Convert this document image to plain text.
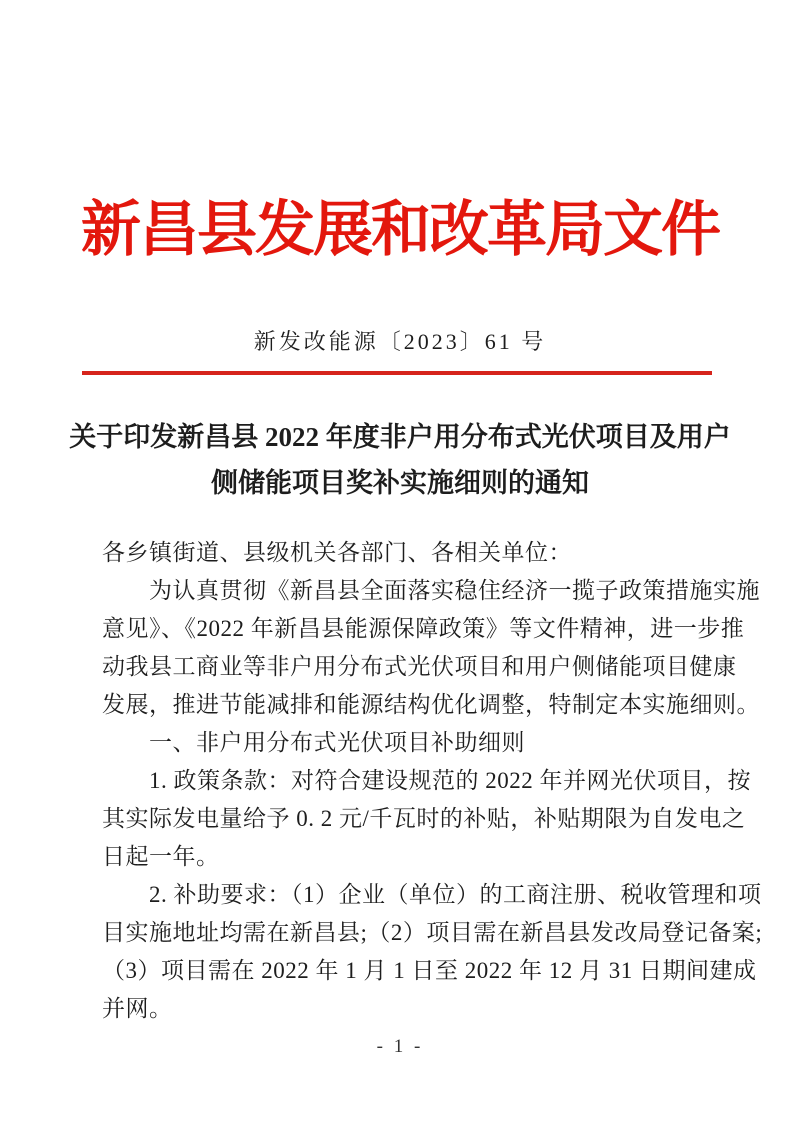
新昌县发展和改革局文件
新发改能源〔2023〕61 号
关于印发新昌县 2022 年度非户用分布式光伏项目及用户
侧储能项目奖补实施细则的通知
各乡镇街道、县级机关各部门、各相关单位：
　　为认真贯彻《新昌县全面落实稳住经济一揽子政策措施实施
意见》、《2022 年新昌县能源保障政策》等文件精神，进一步推
动我县工商业等非户用分布式光伏项目和用户侧储能项目健康
发展，推进节能减排和能源结构优化调整，特制定本实施细则。
　　一、非户用分布式光伏项目补助细则
　　1. 政策条款：对符合建设规范的 2022 年并网光伏项目，按
其实际发电量给予 0. 2 元/千瓦时的补贴，补贴期限为自发电之
日起一年。
　　2. 补助要求：（1）企业（单位）的工商注册、税收管理和项
目实施地址均需在新昌县;（2）项目需在新昌县发改局登记备案;
（3）项目需在 2022 年 1 月 1 日至 2022 年 12 月 31 日期间建成
并网。
- 1 -
